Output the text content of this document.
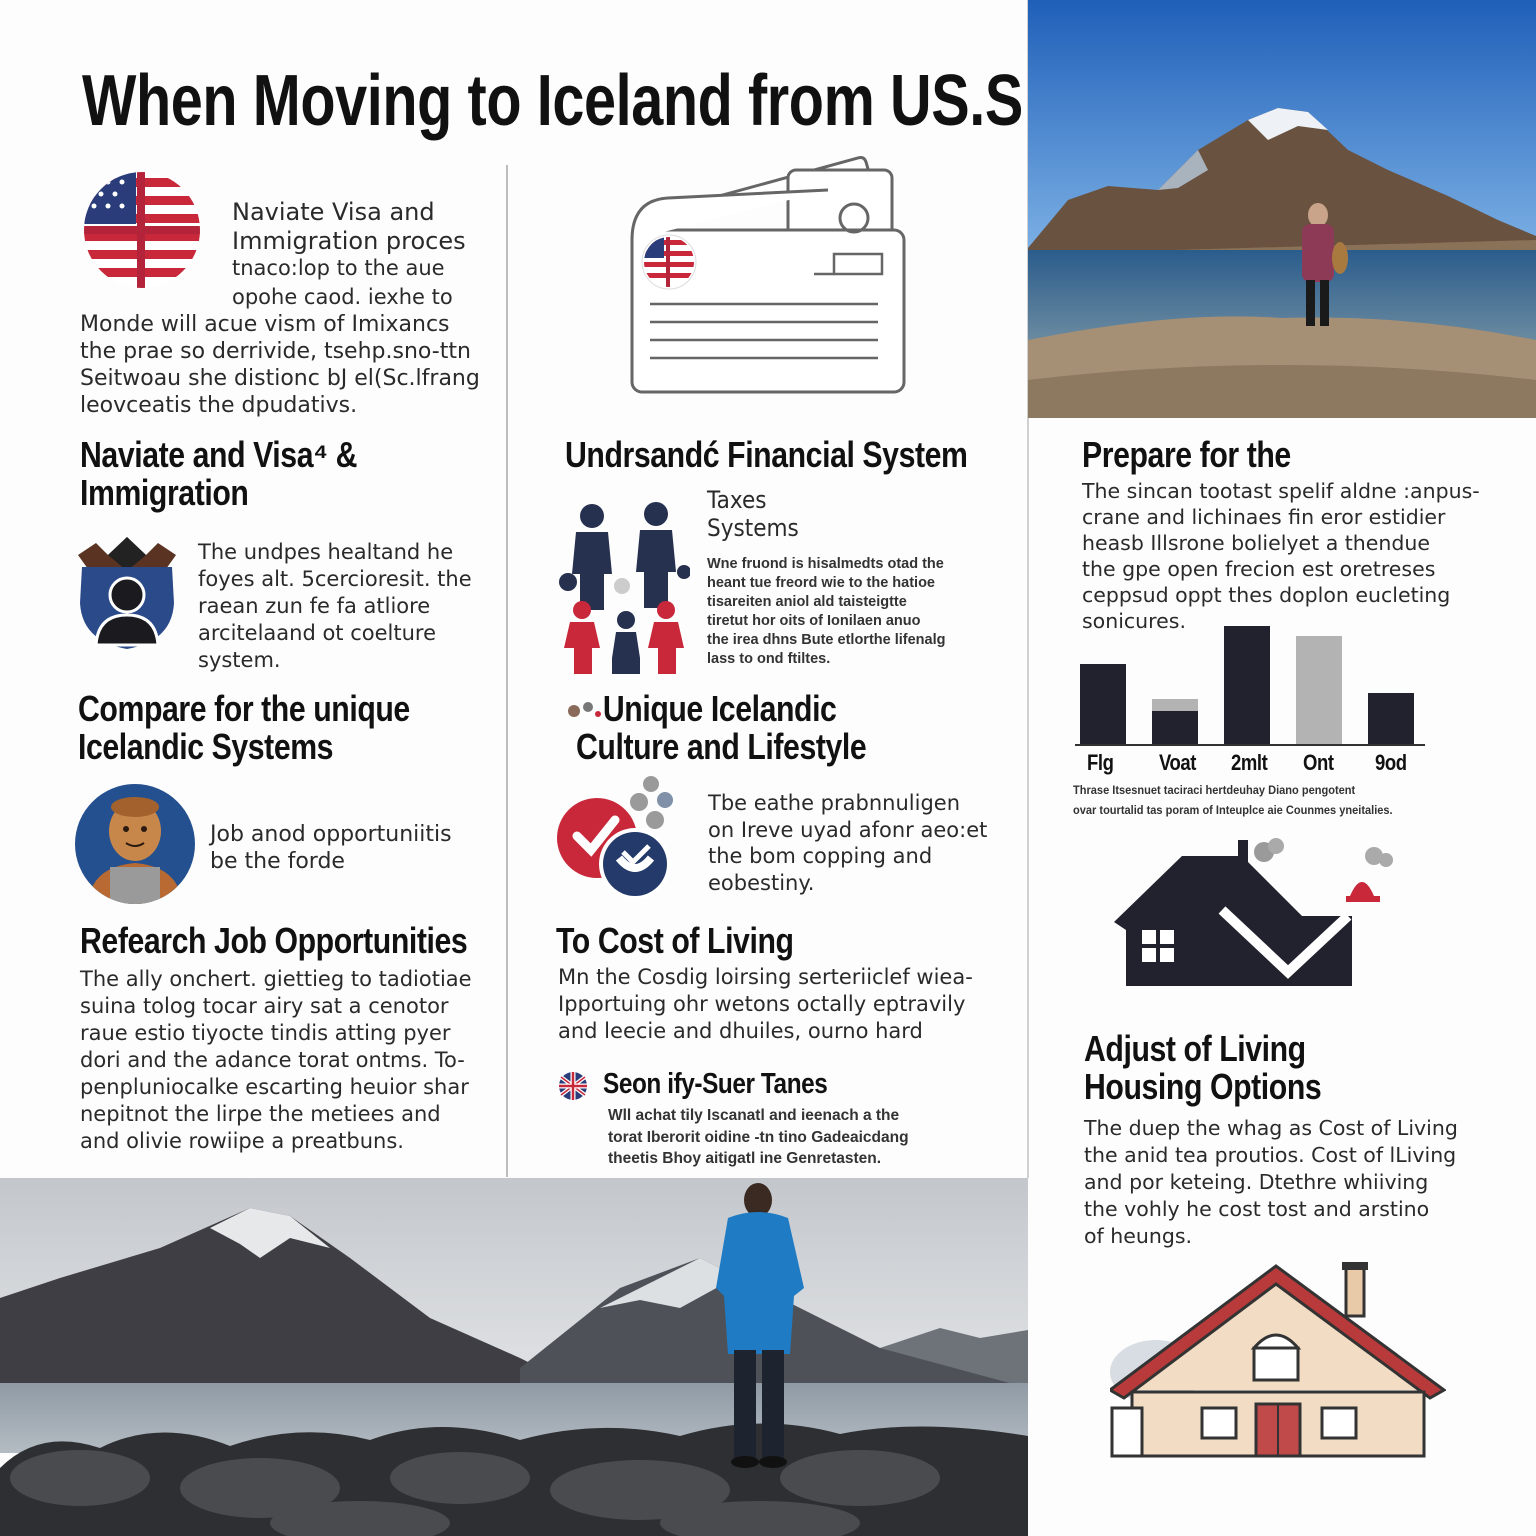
When Moving to Iceland from US.S
Naviate Visa and
Immigration proces
tnaco:lop to the aue
opohe caod. iexhe to
Monde will acue vism of Imixancs
the prae so derrivide, tsehp.sno-ttn
Seitwoau she distionc bJ el(Sc.lfrang
leovceatis the dpudativs.
Naviate and Visa⁴ &
Immigration
The undpes healtand he
foyes alt. 5cercioresit. the
raean zun fe fa atliore
arcitelaand ot coelture
system.
Compare for the unique
Icelandic Systems
Job anod opportuniitis
be the forde
Refearch Job Opportunities
The ally onchert. giettieg to tadiotiae
suina tolog tocar airy sat a cenotor
raue estio tiyocte tindis atting pyer
dori and the adance torat ontms. To-
penpluniocalke escarting heuior shar
nepitnot the lirpe the metiees and
and olivie rowiipe a preatbuns.
Undrsandć Financial System
Taxes
Systems
Wne fruond is hisalmedts otad the
heant tue freord wie to the hatioe
tisareiten aniol ald taisteigtte
tiretut hor oits of Ionilaen anuo
the irea dhns Bute etlorthe lifenalg
lass to ond ftiltes.
Unique Icelandic
Culture and Lifestyle
Tbe eathe prabnnuligen
on Ireve uyad afonr aeo:et
the bom copping and
eobestiny.
To Cost of Living
Mn the Cosdig loirsing serteriiclef wiea-
Ipportuing ohr wetons octally eptravily
and leecie and dhuiles, ourno hard
Seon ify-Suer Tanes
Wll achat tily Iscanatl and ieenach a the
torat Iberorit oidine -tn tino Gadeaicdang
theetis Bhoy aitigatl ine Genretasten.
Prepare for the
The sincan tootast spelif aldne :anpus-
crane and lichinaes fin eror estidier
heasb Illsrone bolielyet a thendue
the gpe open frecion est oretreses
ceppsud oppt thes doplon eucleting
sonicures.
Flg Voat 2mlt Ont 9od
Thrase Itsesnuet taciraci hertdeuhay Diano pengotent
ovar tourtalid tas poram of Inteuplce aie Counmes yneitalies.
Adjust of Living
Housing Options
The duep the whag as Cost of Living
the anid tea proutios. Cost of lLiving
and por keteing. Dtethre whiiving
the vohly he cost tost and arstino
of heungs.
